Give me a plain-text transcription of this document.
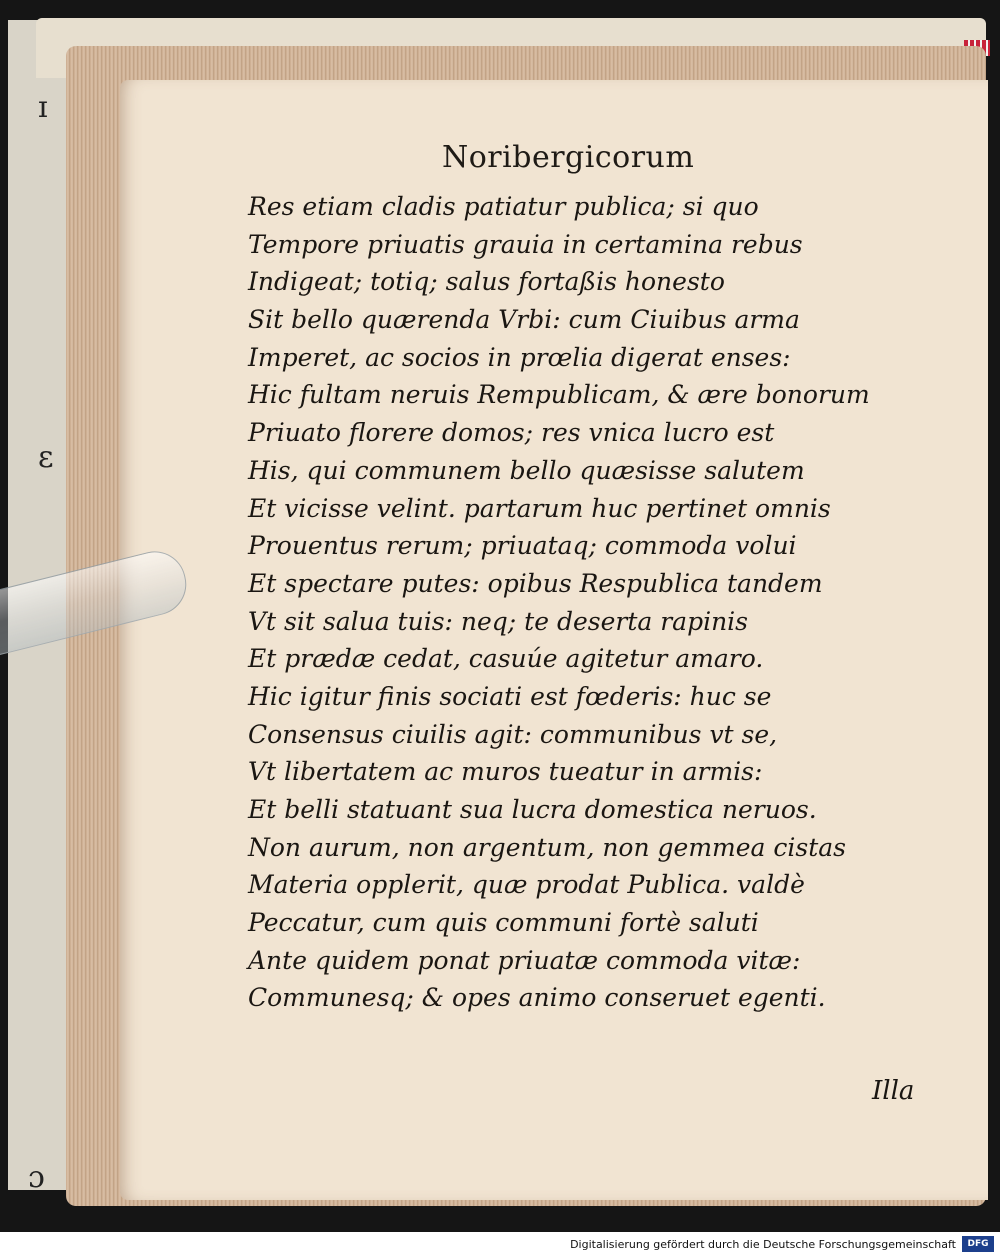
ɪ
ɛ
ɔ
Noribergicorum
Res etiam cladis patiatur publica; si quo
Tempore priuatis grauia in certamina rebus
Indigeat; totiq; salus fortaßis honesto
Sit bello quærenda Vrbi: cum Ciuibus arma
Imperet, ac socios in prœlia digerat enses:
Hic fultam neruis Rempublicam, & ære bonorum
Priuato florere domos; res vnica lucro est
His, qui communem bello quæsisse salutem
Et vicisse velint. partarum huc pertinet omnis
Prouentus rerum; priuataq; commoda volui
Et spectare putes: opibus Respublica tandem
Vt sit salua tuis: neq; te deserta rapinis
Et prædæ cedat, casuúe agitetur amaro.
Hic igitur finis sociati est fœderis: huc se
Consensus ciuilis agit: communibus vt se,
Vt libertatem ac muros tueatur in armis:
Et belli statuant sua lucra domestica neruos.
Non aurum, non argentum, non gemmea cistas
Materia opplerit, quæ prodat Publica. valdè
Peccatur, cum quis communi fortè saluti
Ante quidem ponat priuatæ commoda vitæ:
Communesq; & opes animo conseruet egenti.
Illa
Digitalisierung gefördert durch die Deutsche Forschungsgemeinschaft	DFG
